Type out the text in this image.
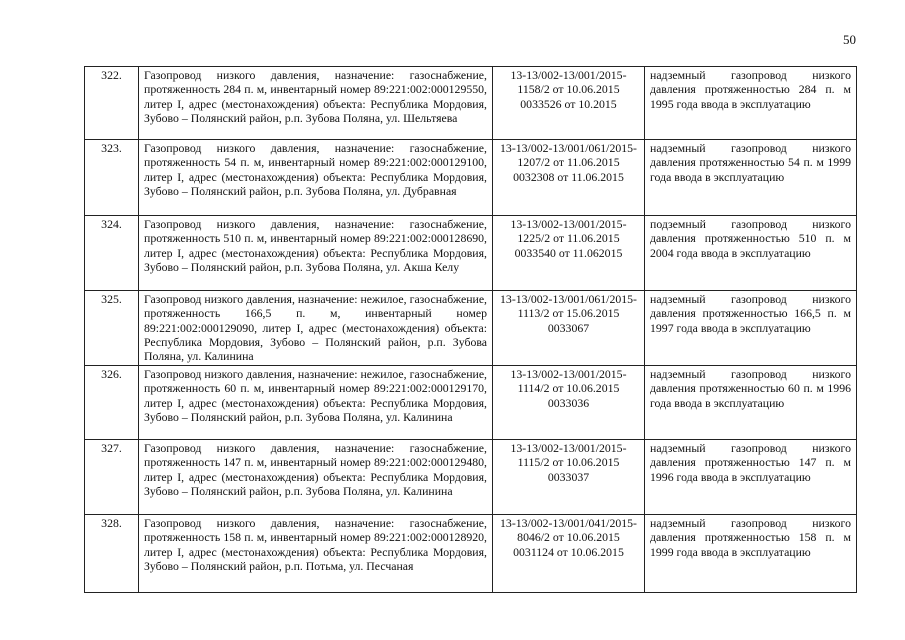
50
322.	Газопровод низкого давления, назначение: газоснабжение, протяженность 284 п. м, инвентарный номер 89:221:002:000129550, литер I, адрес (местонахождения) объекта: Республика Мордовия, Зубово – Полянский район, р.п. Зубова Поляна, ул. Шельтяева	13-13/002-13/001/2015-1158/2 от 10.06.2015 0033526 от 10.2015	надземный газопровод низкого давления протяженностью 284 п. м 1995 года ввода в эксплуатацию
323.	Газопровод низкого давления, назначение: газоснабжение, протяженность 54 п. м, инвентарный номер 89:221:002:000129100, литер I, адрес (местонахождения) объекта: Республика Мордовия, Зубово – Полянский район, р.п. Зубова Поляна, ул. Дубравная	13-13/002-13/001/061/2015-1207/2 от 11.06.2015 0032308 от 11.06.2015	надземный газопровод низкого давления протяженностью 54 п. м 1999 года ввода в эксплуатацию
324.	Газопровод низкого давления, назначение: газоснабжение, протяженность 510 п. м, инвентарный номер 89:221:002:000128690, литер I, адрес (местонахождения) объекта: Республика Мордовия, Зубово – Полянский район, р.п. Зубова Поляна, ул. Акша Келу	13-13/002-13/001/2015-1225/2 от 11.06.2015 0033540 от 11.062015	подземный газопровод низкого давления протяженностью 510 п. м 2004 года ввода в эксплуатацию
325.	Газопровод низкого давления, назначение: нежилое, газоснабжение, протяженность 166,5 п. м, инвентарный номер 89:221:002:000129090, литер I, адрес (местонахождения) объекта: Республика Мордовия, Зубово – Полянский район, р.п. Зубова Поляна, ул. Калинина	13-13/002-13/001/061/2015-1113/2 от 15.06.2015 0033067	надземный газопровод низкого давления протяженностью 166,5 п. м 1997 года ввода в эксплуатацию
326.	Газопровод низкого давления, назначение: нежилое, газоснабжение, протяженность 60 п. м, инвентарный номер 89:221:002:000129170, литер I, адрес (местонахождения) объекта: Республика Мордовия, Зубово – Полянский район, р.п. Зубова Поляна, ул. Калинина	13-13/002-13/001/2015-1114/2 от 10.06.2015 0033036	надземный газопровод низкого давления протяженностью 60 п. м 1996 года ввода в эксплуатацию
327.	Газопровод низкого давления, назначение: газоснабжение, протяженность 147 п. м, инвентарный номер 89:221:002:000129480, литер I, адрес (местонахождения) объекта: Республика Мордовия, Зубово – Полянский район, р.п. Зубова Поляна, ул. Калинина	13-13/002-13/001/2015-1115/2 от 10.06.2015 0033037	надземный газопровод низкого давления протяженностью 147 п. м 1996 года ввода в эксплуатацию
328.	Газопровод низкого давления, назначение: газоснабжение, протяженность 158 п. м, инвентарный номер 89:221:002:000128920, литер I, адрес (местонахождения) объекта: Республика Мордовия, Зубово – Полянский район, р.п. Потьма, ул. Песчаная	13-13/002-13/001/041/2015-8046/2 от 10.06.2015 0031124 от 10.06.2015	надземный газопровод низкого давления протяженностью 158 п. м 1999 года ввода в эксплуатацию
